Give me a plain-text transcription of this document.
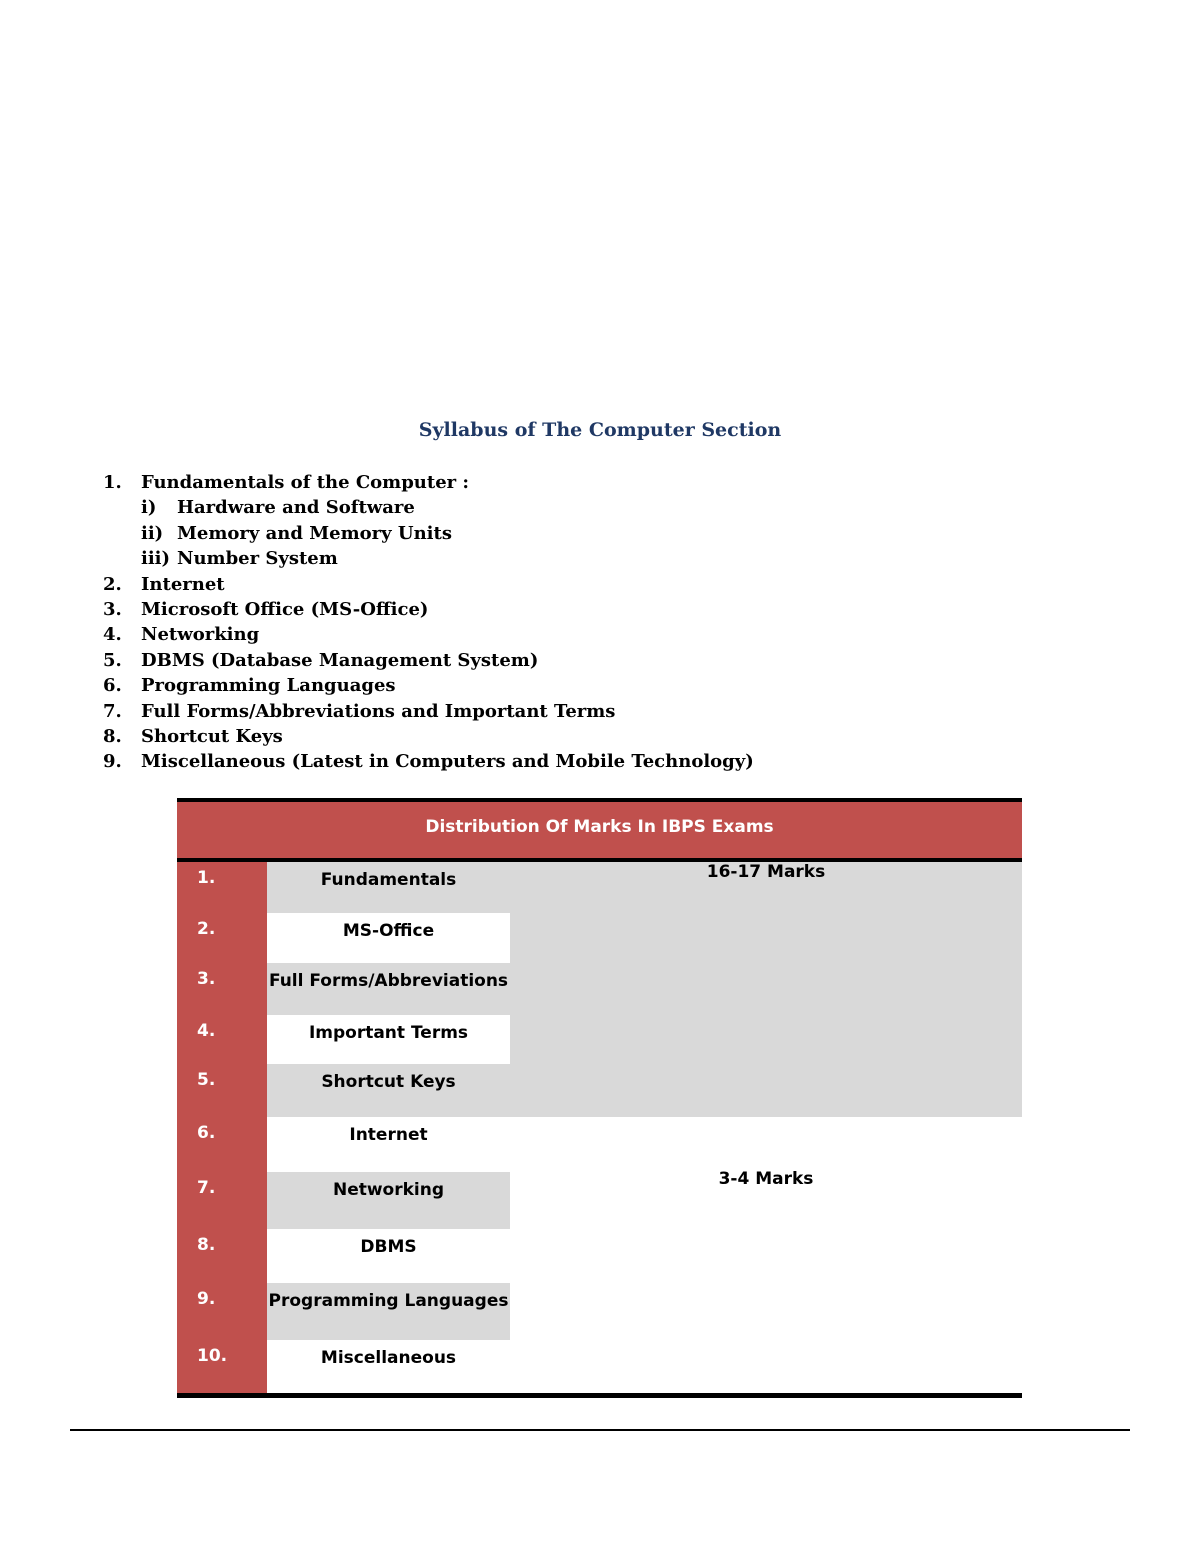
Syllabus of The Computer Section
1. Fundamentals of the Computer :
i) Hardware and Software
ii) Memory and Memory Units
iii) Number System
2. Internet
3. Microsoft Office (MS-Office)
4. Networking
5. DBMS (Database Management System)
6. Programming Languages
7. Full Forms/Abbreviations and Important Terms
8. Shortcut Keys
9. Miscellaneous (Latest in Computers and Mobile Technology)
Distribution Of Marks In IBPS Exams		
1.	Fundamentals	16-17 Marks
2.	MS-Office	
3.	Full Forms/Abbreviations	
4.	Important Terms	
5.	Shortcut Keys	
6.	Internet	3-4 Marks
7.	Networking	
8.	DBMS	
9.	Programming Languages	
10.	Miscellaneous	
